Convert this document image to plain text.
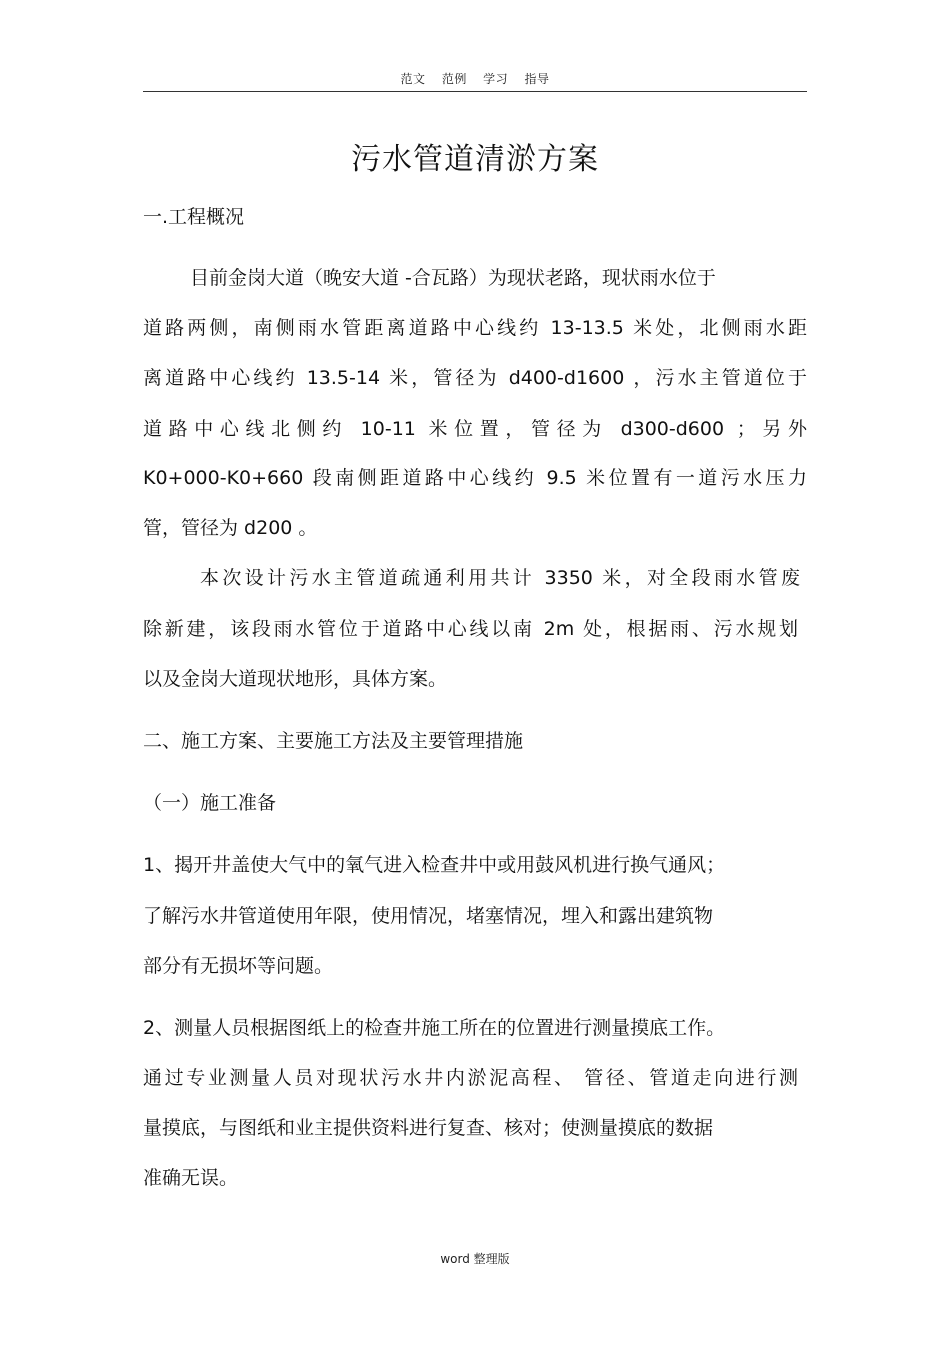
范文 范例 学习 指导
污水管道清淤方案
一.工程概况
目前金岗大道（晚安大道 -合瓦路）为现状老路，现状雨水位于
道路两侧，南侧雨水管距离道路中心线约 13-13.5 米处，北侧雨水距
离道路中心线约 13.5-14 米，管径为 d400-d1600 ，污水主管道位于
道路中心线北侧约 10-11 米位置，管径为 d300-d600 ；另外
K0+000-K0+660 段南侧距道路中心线约 9.5 米位置有一道污水压力
管，管径为 d200 。
本次设计污水主管道疏通利用共计 3350 米，对全段雨水管废
除新建，该段雨水管位于道路中心线以南 2m 处，根据雨、污水规划
以及金岗大道现状地形，具体方案。
二、施工方案、主要施工方法及主要管理措施
（一）施工准备
1、揭开井盖使大气中的氧气进入检查井中或用鼓风机进行换气通风；
了解污水井管道使用年限，使用情况，堵塞情况，埋入和露出建筑物
部分有无损坏等问题。
2、测量人员根据图纸上的检查井施工所在的位置进行测量摸底工作。
通过专业测量人员对现状污水井内淤泥高程、 管径、管道走向进行测
量摸底，与图纸和业主提供资料进行复查、核对；使测量摸底的数据
准确无误。
word 整理版
